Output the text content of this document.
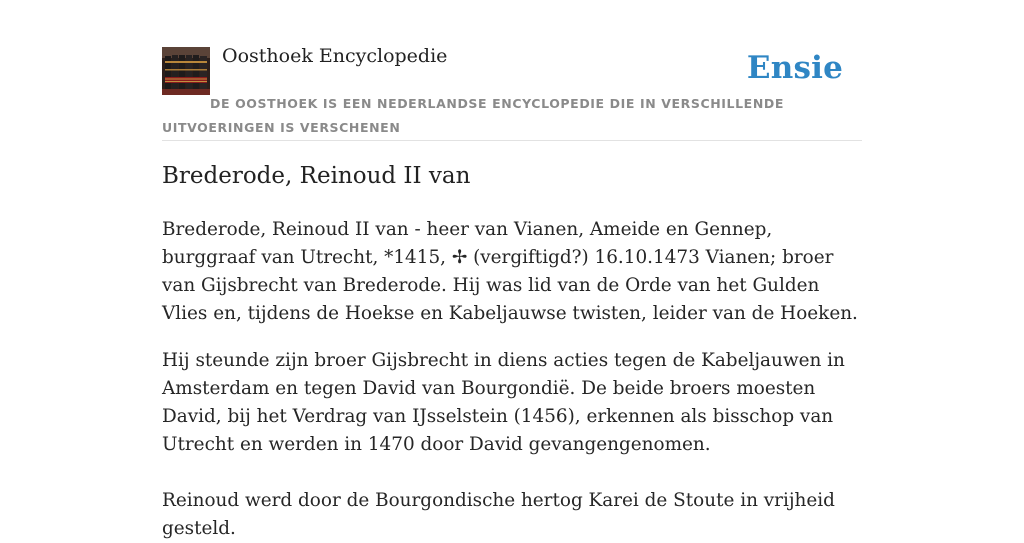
Oosthoek Encyclopedie	Ensie
DE OOSTHOEK IS EEN NEDERLANDSE ENCYCLOPEDIE DIE IN VERSCHILLENDE UITVOERINGEN IS VERSCHENEN
Brederode, Reinoud II van

Brederode, Reinoud II van - heer van Vianen, Ameide en Gennep, burggraaf van Utrecht, *1415, ✢ (vergiftigd?) 16.10.1473 Vianen; broer van Gijsbrecht van Brederode. Hij was lid van de Orde van het Gulden Vlies en, tijdens de Hoekse en Kabeljauwse twisten, leider van de Hoeken.

Hij steunde zijn broer Gijsbrecht in diens acties tegen de Kabeljauwen in Amsterdam en tegen David van Bourgondië. De beide broers moesten David, bij het Verdrag van IJsselstein (1456), erkennen als bisschop van Utrecht en werden in 1470 door David gevangengenomen.

Reinoud werd door de Bourgondische hertog Karei de Stoute in vrijheid gesteld.
